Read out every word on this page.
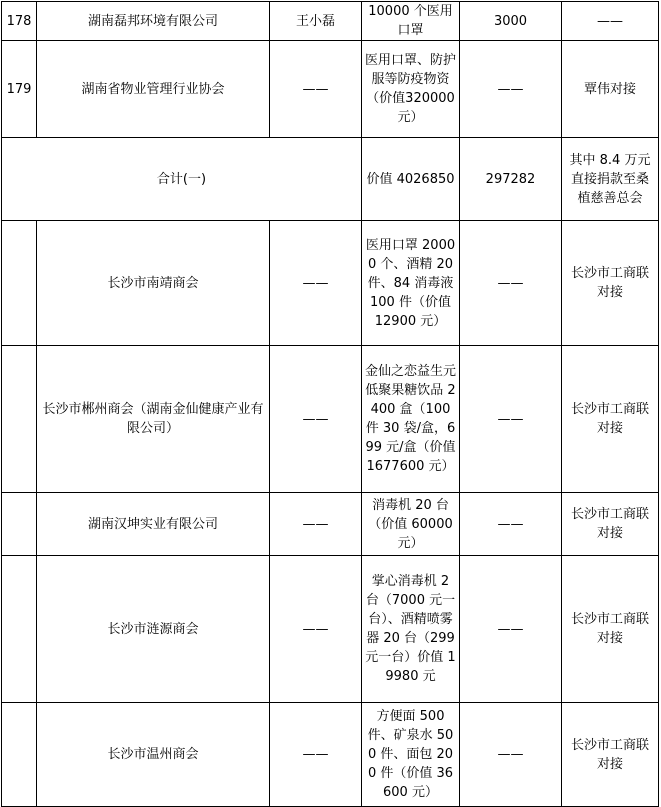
178	湖南磊邦环境有限公司	王小磊	10000 个医用口罩	3000	——
179	湖南省物业管理行业协会	——	医用口罩、防护服等防疫物资（价值320000 元）	——	覃伟对接
合计(一)			价值 4026850	297282	其中 8.4 万元直接捐款至桑植慈善总会
	长沙市南靖商会	——	医用口罩 20000 个、酒精 20 件、84 消毒液 100 件（价值 12900 元）	——	长沙市工商联对接
	长沙市郴州商会（湖南金仙健康产业有限公司）	——	金仙之恋益生元低聚果糖饮品 2400 盒（100 件 30 袋/盒，699 元/盒（价值 1677600 元）	——	长沙市工商联对接
	湖南汉坤实业有限公司	——	消毒机 20 台（价值 60000 元）	——	长沙市工商联对接
	长沙市涟源商会	——	掌心消毒机 2 台（7000 元一台）、酒精喷雾器 20 台（299 元一台）价值 19980 元	——	长沙市工商联对接
	长沙市温州商会	——	方便面 500 件、矿泉水 500 件、面包 200 件（价值 36600 元）	——	长沙市工商联对接
